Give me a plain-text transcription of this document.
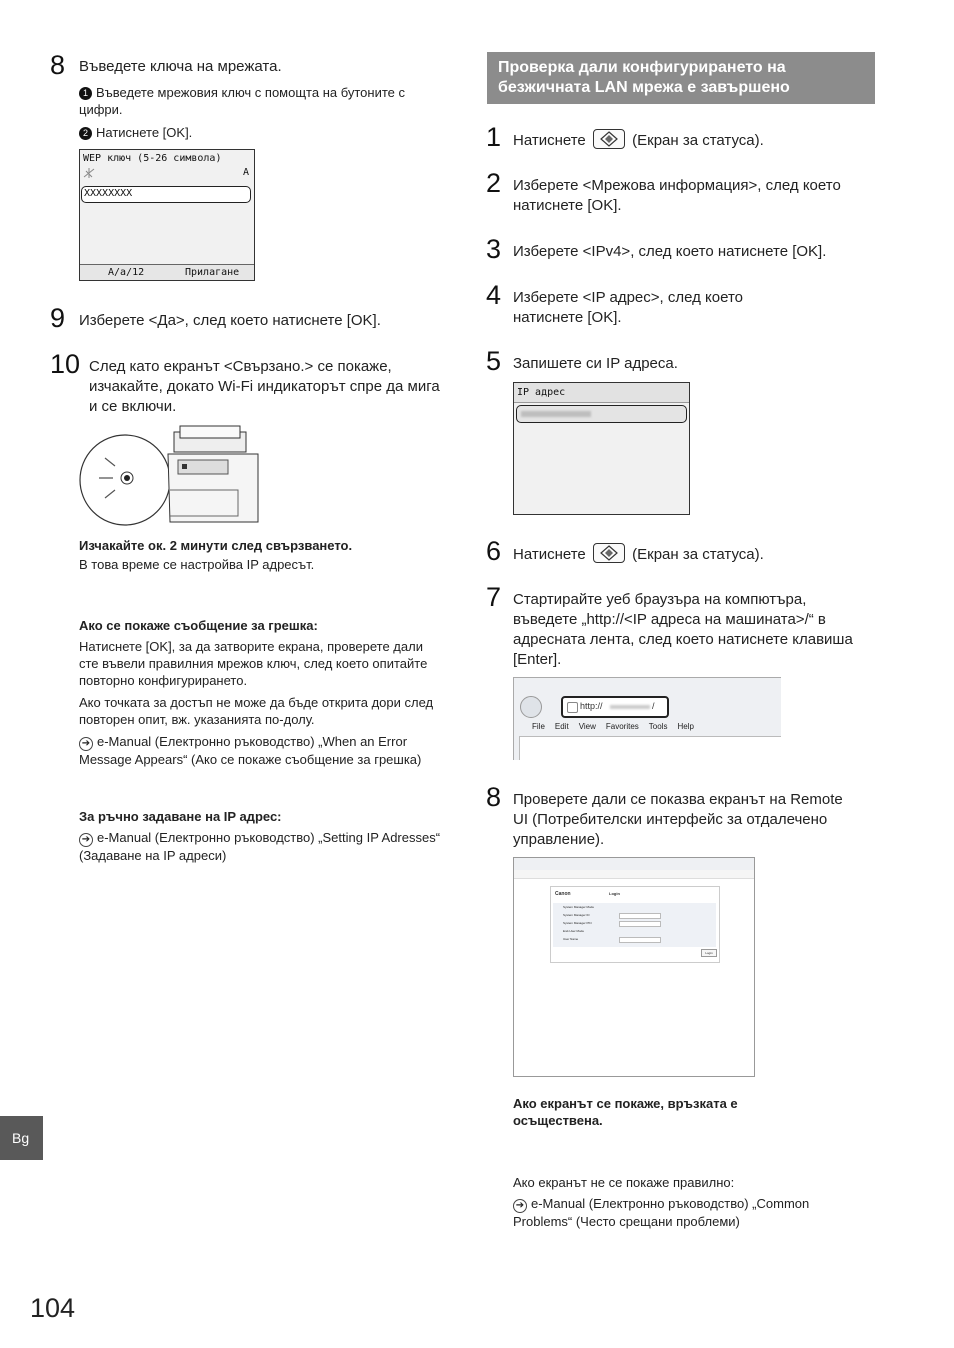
8 Въведете ключа на мрежата.
1 Въведете мрежовия ключ с помощта на бутоните с цифри.
2 Натиснете [OK].
WEP ключ (5-26 символа)
A
XXXXXXXX
A/a/12	Прилагане
9 Изберете <Да>, след което натиснете [OK].
10 След като екранът <Свързано.> се покаже, изчакайте, докато Wi-Fi индикаторът спре да мига и се включи.
Изчакайте ок. 2 минути след свързването.
В това време се настройва IP адресът.
Ако се покаже съобщение за грешка:
Натиснете [OK], за да затворите екрана, проверете дали сте въвели правилния мрежов ключ, след което опитайте повторно конфигурирането.
Ако точката за достъп не може да бъде открита дори след повторен опит, вж. указанията по-долу.
➔ e-Manual (Електронно ръководство) „When an Error Message Appears“ (Ако се покаже съобщение за грешка)
За ръчно задаване на IP адрес:
➔ e-Manual (Електронно ръководство) „Setting IP Adresses“ (Задаване на IP адреси)
Проверка дали конфигурирането на безжичната LAN мрежа е завършено
1 Натиснете	(Екран за статуса).
2 Изберете <Мрежова информация>, след което натиснете [OK].
3 Изберете <IPv4>, след което натиснете [OK].
4 Изберете <IP адрес>, след което натиснете [OK].
5 Запишете си IP адреса.
IP адрес
6 Натиснете	(Екран за статуса).
7 Стартирайте уеб браузъра на компютъра, въведете „http://<IP адреса на машината>/“ в адресната лента, след което натиснете клавиша [Enter].
http://	/
File Edit View Favorites Tools Help
8 Проверете дали се показва екранът на Remote UI (Потребителски интерфейс за отдалечено управление).
Canon	Login
System Manager Mode
System Manager ID
System Manager PIN
End-User Mode
User Name
Login
Ако екранът се покаже, връзката е осъществена.
Ако екранът не се покаже правилно:
➔ e-Manual (Електронно ръководство) „Common Problems“ (Често срещани проблеми)
Bg
104
